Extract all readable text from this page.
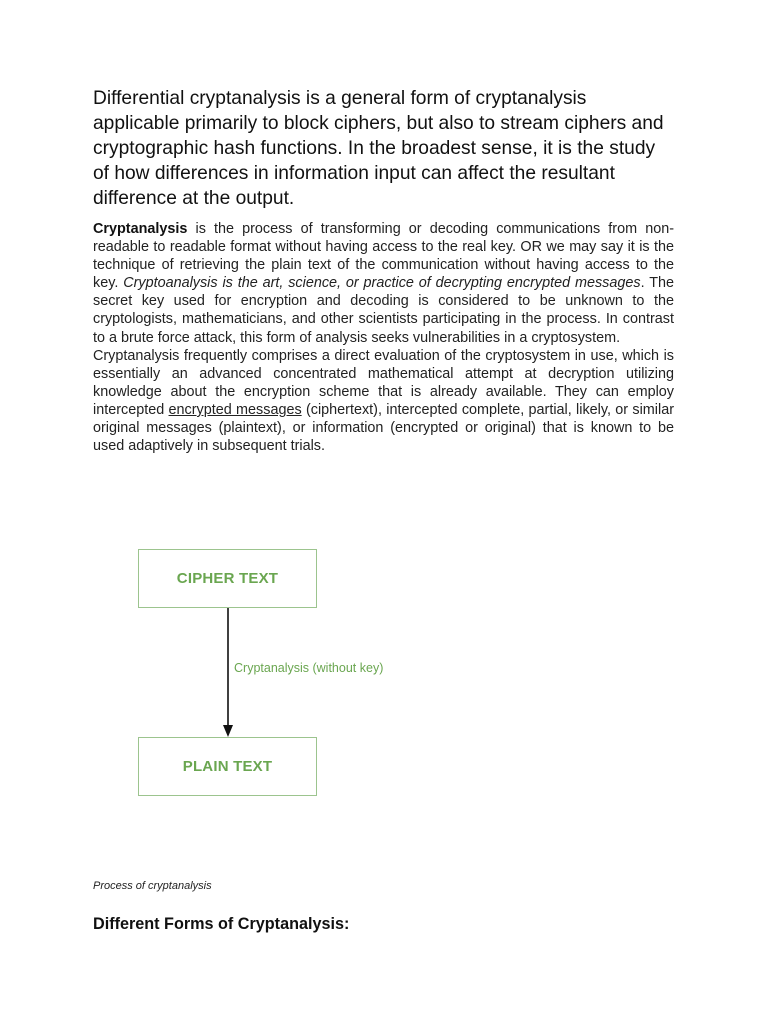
Differential cryptanalysis is a general form of cryptanalysis applicable primarily to block ciphers, but also to stream ciphers and cryptographic hash functions. In the broadest sense, it is the study of how differences in information input can affect the resultant difference at the output.

Cryptanalysis is the process of transforming or decoding communications from non-readable to readable format without having access to the real key. OR we may say it is the technique of retrieving the plain text of the communication without having access to the key. Cryptoanalysis is the art, science, or practice of decrypting encrypted messages. The secret key used for encryption and decoding is considered to be unknown to the cryptologists, mathematicians, and other scientists participating in the process. In contrast to a brute force attack, this form of analysis seeks vulnerabilities in a cryptosystem.

Cryptanalysis frequently comprises a direct evaluation of the cryptosystem in use, which is essentially an advanced concentrated mathematical attempt at decryption utilizing knowledge about the encryption scheme that is already available. They can employ intercepted encrypted messages (ciphertext), intercepted complete, partial, likely, or similar original messages (plaintext), or information (encrypted or original) that is known to be used adaptively in subsequent trials.

CIPHER TEXT
Cryptanalysis (without key)
PLAIN TEXT
Process of cryptanalysis
Different Forms of Cryptanalysis:
